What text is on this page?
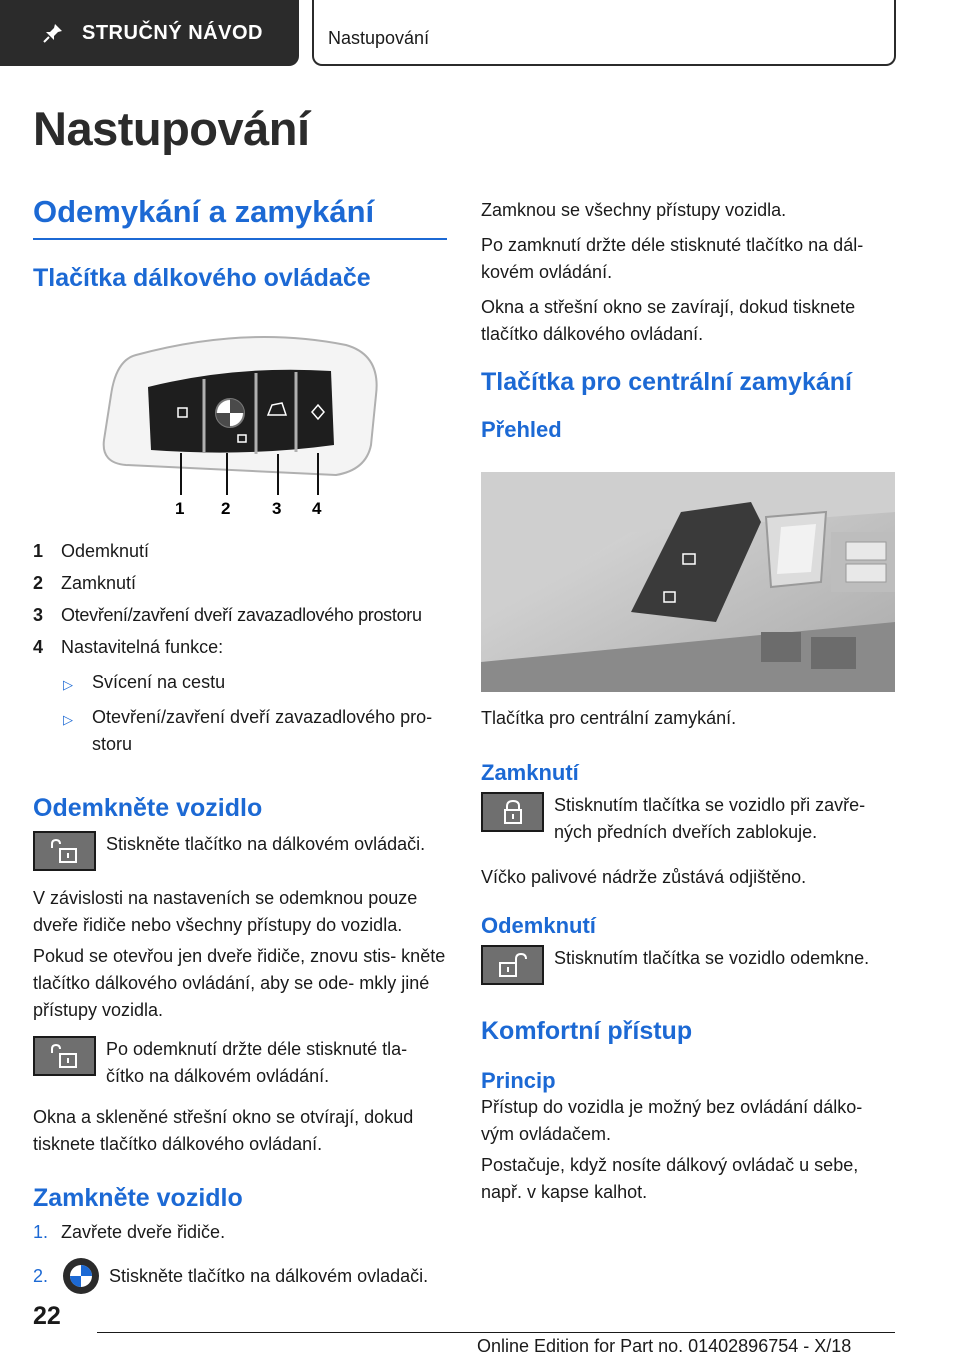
STRUČNÝ NÁVOD	Nastupování
Nastupování
Odemykání a zamykání
Tlačítka dálkového ovládače
1 2 3 4
1 Odemknutí
2 Zamknutí
3 Otevření/zavření dveří zavazadlového prostoru
4 Nastavitelná funkce:
▷	Svícení na cestu
▷	Otevření/zavření dveří zavazadlového pro‐ storu
Odemkněte vozidlo
Stiskněte tlačítko na dálkovém ovládači.
V závislosti na nastaveních se odemknou pouze dveře řidiče nebo všechny přístupy do vozidla.
Pokud se otevřou jen dveře řidiče, znovu stis‐ kněte tlačítko dálkového ovládání, aby se ode‐ mkly jiné přístupy vozidla.
Po odemknutí držte déle stisknuté tla‐ čítko na dálkovém ovládání.
Okna a skleněné střešní okno se otvírají, dokud tisknete tlačítko dálkového ovládaní.
Zamkněte vozidlo
1. Zavřete dveře řidiče.
2.	Stiskněte tlačítko na dálkovém ovladači.
Zamknou se všechny přístupy vozidla.
Po zamknutí držte déle stisknuté tlačítko na dál‐ kovém ovládání.
Okna a střešní okno se zavírají, dokud tisknete tlačítko dálkového ovládaní.
Tlačítka pro centrální zamykání
Přehled
Tlačítka pro centrální zamykání.
Zamknutí
Stisknutím tlačítka se vozidlo při zavře‐ ných předních dveřích zablokuje.
Víčko palivové nádrže zůstává odjištěno.
Odemknutí
Stisknutím tlačítka se vozidlo odemkne.
Komfortní přístup
Princip
Přístup do vozidla je možný bez ovládání dálko‐ vým ovládačem.
Postačuje, když nosíte dálkový ovládač u sebe, např. v kapse kalhot.
22
Online Edition for Part no. 01402896754 - X/18
